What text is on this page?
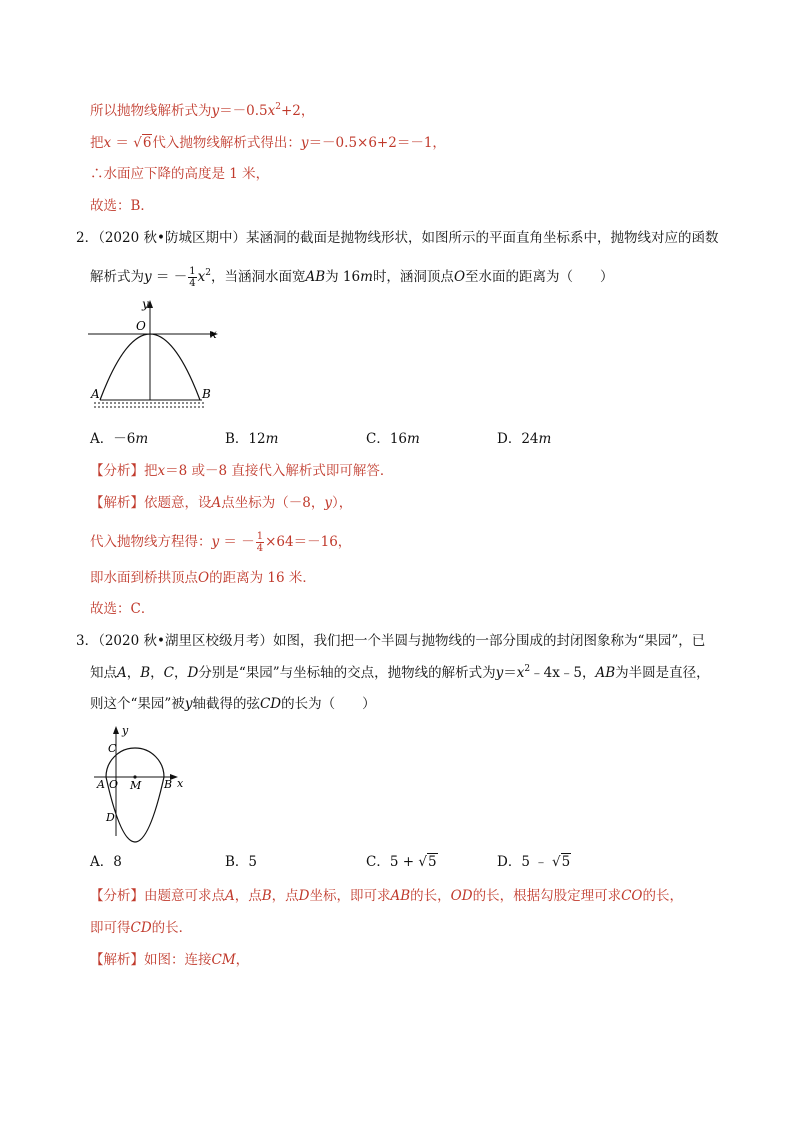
所以抛物线解析式为$y=-0.5x^2+2$，
把x ＝ √6代入抛物线解析式得出：y＝－0.5×6+2＝－1，
∴水面应下降的高度是 1 米，
故选：B．
2．（2020 秋•防城区期中）某涵洞的截面是抛物线形状，如图所示的平面直角坐标系中，抛物线对应的函数
解析式为y ＝ － $\frac{1}{4} x^2$，当涵洞水面宽AB为 16m时，涵洞顶点O至水面的距离为（　　）
y
x
O
A	B
A．－6m	B．12m	C．16m	D．24m
【分析】把x＝8 或－8 直接代入解析式即可解答．
【解析】依题意，设A点坐标为（－8，y），
代入抛物线方程得：y ＝ － $\frac{1}{4} \times 64=-16$，
即水面到桥拱顶点O的距离为 16 米．
故选：C．
3．（2020 秋•湖里区校级月考）如图，我们把一个半圆与抛物线的一部分围成的封闭图象称为“果园”，已
知点A，B，C，D分别是“果园”与坐标轴的交点，抛物线的解析式为$y=x^2﹣4x﹣5$，AB为半圆是直径，
则这个“果园”被y轴截得的弦CD的长为（　　）
y
x
C
A O M B
D
A．8	B．5	C．5 + √5	D．5 ﹣ √5
【分析】由题意可求点A，点B，点D坐标，即可求AB的长，OD的长，根据勾股定理可求CO的长，
即可得CD的长．
【解析】如图：连接CM，
